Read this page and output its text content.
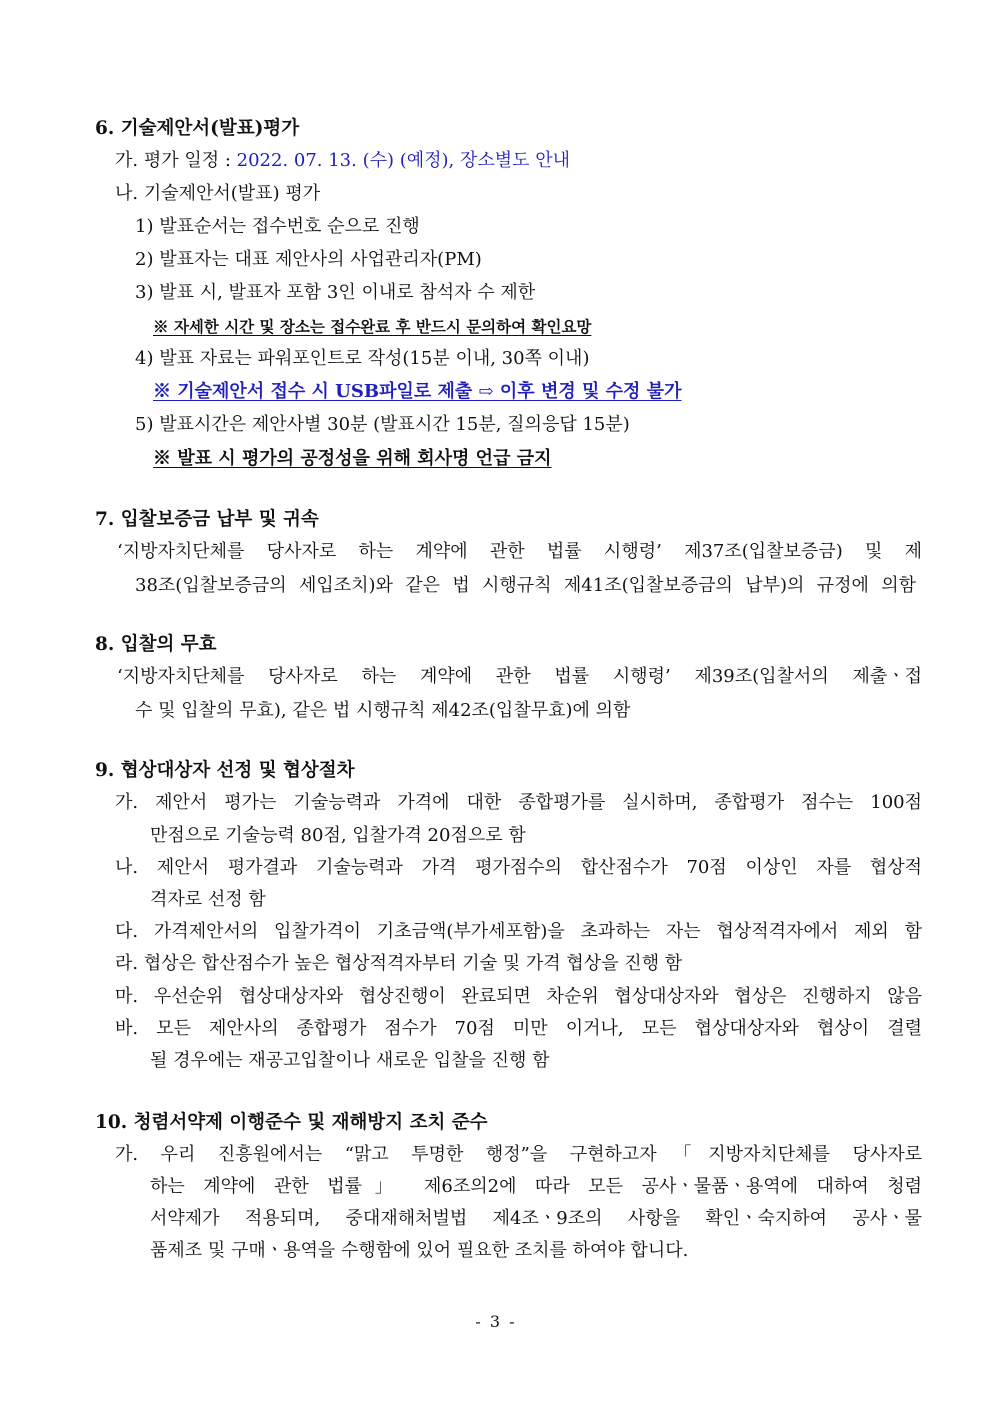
6. 기술제안서(발표)평가
가. 평가 일정 : 2022. 07. 13. (수) (예정), 장소별도 안내
나. 기술제안서(발표) 평가
1) 발표순서는 접수번호 순으로 진행
2) 발표자는 대표 제안사의 사업관리자(PM)
3) 발표 시, 발표자 포함 3인 이내로 참석자 수 제한
※ 자세한 시간 및 장소는 접수완료 후 반드시 문의하여 확인요망
4) 발표 자료는 파워포인트로 작성(15분 이내, 30쪽 이내)
※ 기술제안서 접수 시 USB파일로 제출 ⇨ 이후 변경 및 수정 불가
5) 발표시간은 제안사별 30분 (발표시간 15분, 질의응답 15분)
※ 발표 시 평가의 공정성을 위해 회사명 언급 금지
7. 입찰보증금 납부 및 귀속
‘지방자치단체를 당사자로 하는 계약에 관한 법률 시행령’ 제37조(입찰보증금) 및 제
38조(입찰보증금의 세입조치)와 같은 법 시행규칙 제41조(입찰보증금의 납부)의 규정에 의함
8. 입찰의 무효
‘지방자치단체를 당사자로 하는 계약에 관한 법률 시행령’ 제39조(입찰서의 제출ㆍ접
수 및 입찰의 무효), 같은 법 시행규칙 제42조(입찰무효)에 의함
9. 협상대상자 선정 및 협상절차
가. 제안서 평가는 기술능력과 가격에 대한 종합평가를 실시하며, 종합평가 점수는 100점
만점으로 기술능력 80점, 입찰가격 20점으로 함
나. 제안서 평가결과 기술능력과 가격 평가점수의 합산점수가 70점 이상인 자를 협상적
격자로 선정 함
다. 가격제안서의 입찰가격이 기초금액(부가세포함)을 초과하는 자는 협상적격자에서 제외 함
라. 협상은 합산점수가 높은 협상적격자부터 기술 및 가격 협상을 진행 함
마. 우선순위 협상대상자와 협상진행이 완료되면 차순위 협상대상자와 협상은 진행하지 않음
바. 모든 제안사의 종합평가 점수가 70점 미만 이거나, 모든 협상대상자와 협상이 결렬
될 경우에는 재공고입찰이나 새로운 입찰을 진행 함
10. 청렴서약제 이행준수 및 재해방지 조치 준수
가. 우리 진흥원에서는 “맑고 투명한 행정”을 구현하고자「지방자치단체를 당사자로
하는 계약에 관한 법률」 제6조의2에 따라 모든 공사ㆍ물품ㆍ용역에 대하여 청렴
서약제가 적용되며, 중대재해처벌법 제4조ㆍ9조의 사항을 확인ㆍ숙지하여 공사ㆍ물
품제조 및 구매ㆍ용역을 수행함에 있어 필요한 조치를 하여야 합니다.
- 3 -
